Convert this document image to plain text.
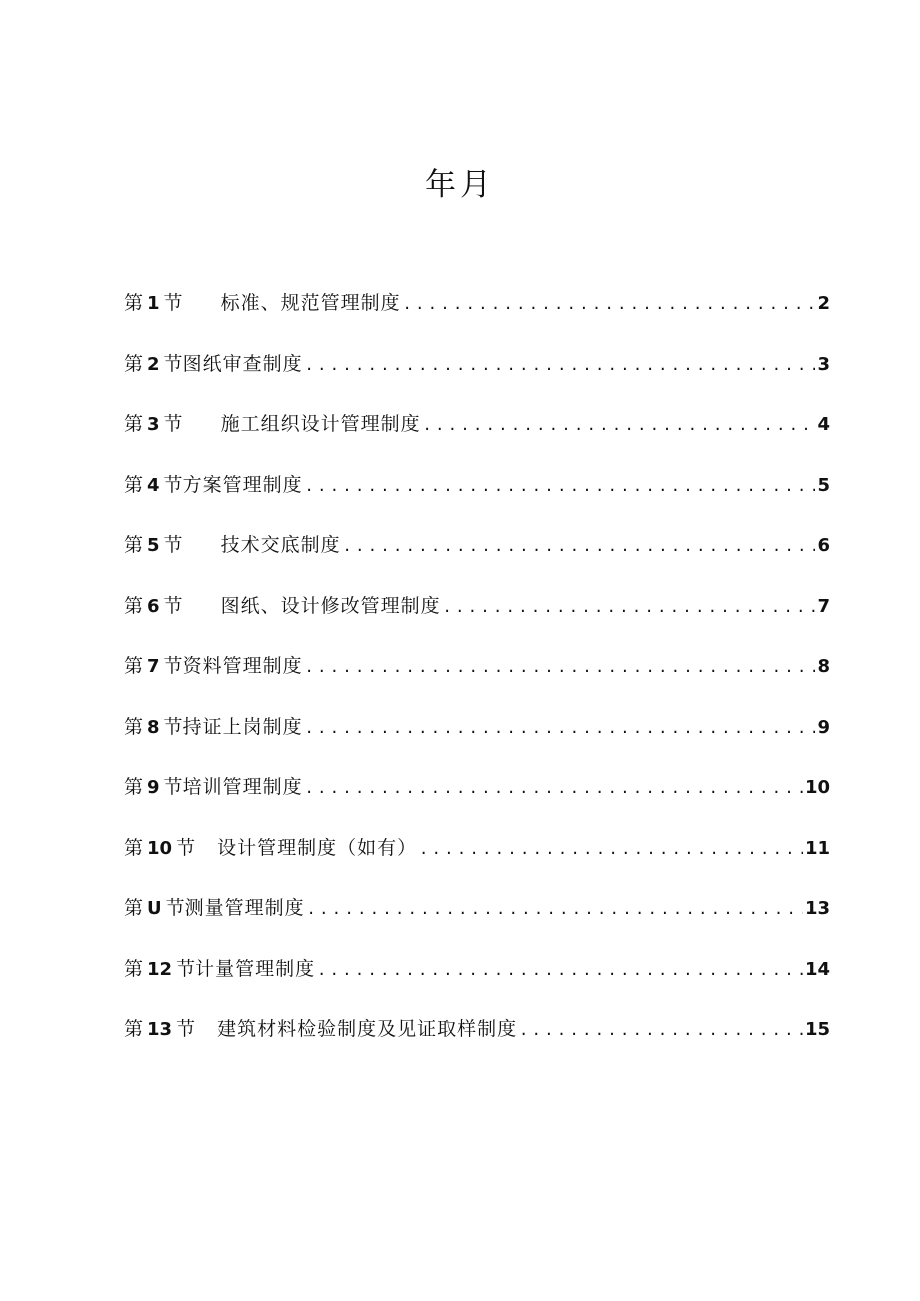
年月
第 1 节 标准、规范管理制度 .....	2
第 2 节 图纸审查制度 .....	3
第 3 节 施工组织设计管理制度 .....	4
第 4 节 方案管理制度 .....	5
第 5 节 技术交底制度 .....	6
第 6 节 图纸、设计修改管理制度 .....	7
第 7 节 资料管理制度 .....	8
第 8 节 持证上岗制度 .....	9
第 9 节 培训管理制度 .....	10
第 10 节 设计管理制度（如有） .....	11
第 U 节 测量管理制度 .....	13
第 12 节 计量管理制度 .....	14
第 13 节 建筑材料检验制度及见证取样制度 .....	15
